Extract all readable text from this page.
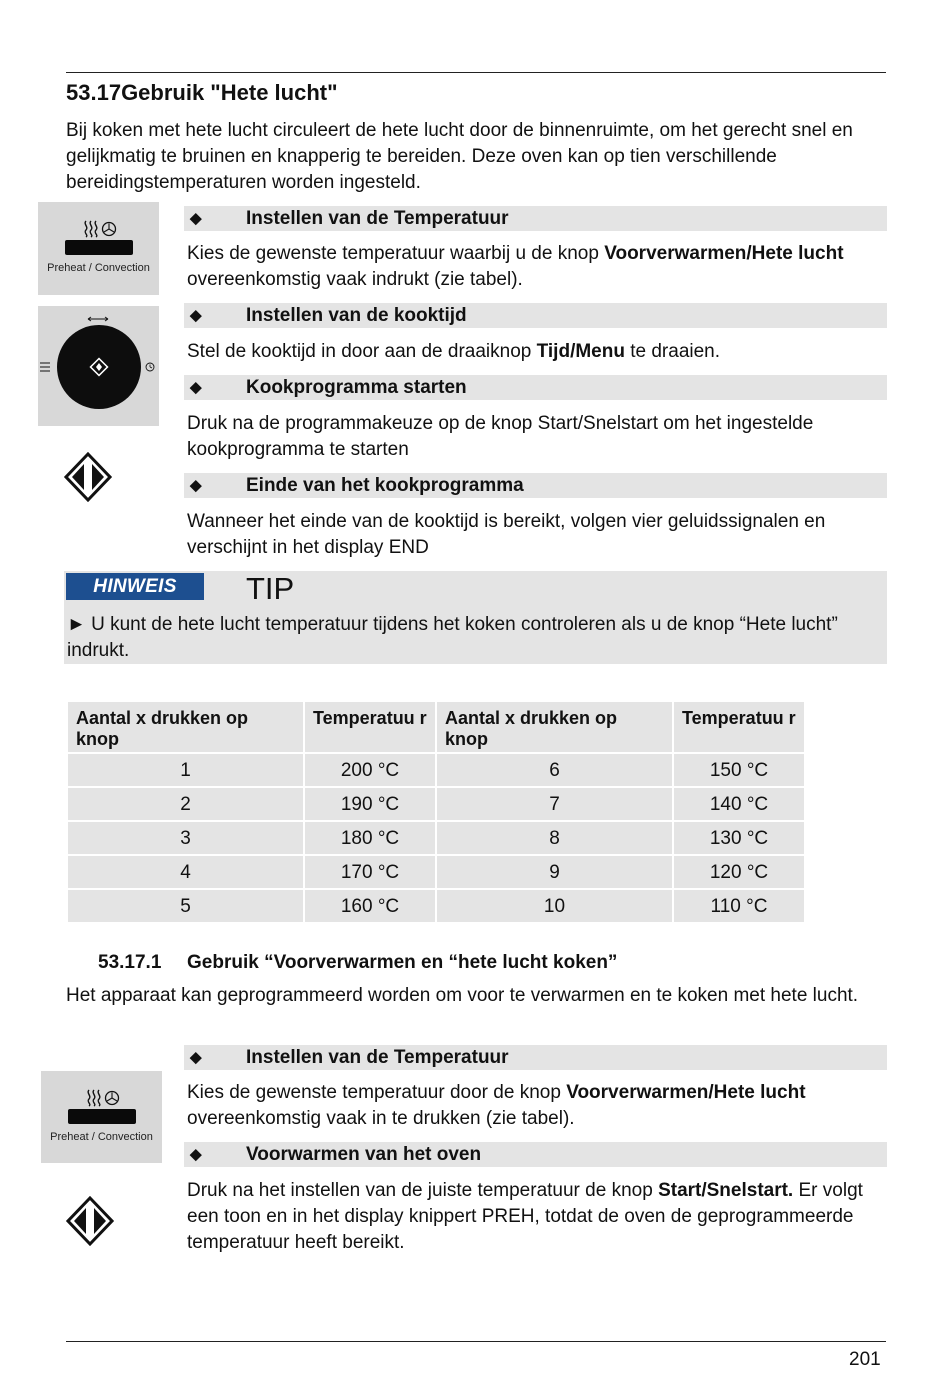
53.17Gebruik "Hete lucht"
Bij koken met hete lucht circuleert de hete lucht door de binnenruimte, om het gerecht snel en gelijkmatig te bruinen en knapperig te bereiden. Deze oven kan op tien verschillende bereidingstemperaturen worden ingesteld.
Preheat / Convection
◆ Instellen van de Temperatuur
Kies de gewenste temperatuur waarbij u de knop Voorverwarmen/Hete lucht overeenkomstig vaak indrukt (zie tabel).
◆ Instellen van de kooktijd
Stel de kooktijd in door aan de draaiknop Tijd/Menu te draaien.
◆ Kookprogramma starten
Druk na de programmakeuze op de knop Start/Snelstart om het ingestelde kookprogramma te starten
◆ Einde van het kookprogramma
Wanneer het einde van de kooktijd is bereikt, volgen vier geluidssignalen en verschijnt in het display END
HINWEIS	TIP
► U kunt de hete lucht temperatuur tijdens het koken controleren als u de knop “Hete lucht” indrukt.
Aantal x drukken op knop	Temperatuu r	Aantal x drukken op knop	Temperatuu r
1	200 °C	6	150 °C
2	190 °C	7	140 °C
3	180 °C	8	130 °C
4	170 °C	9	120 °C
5	160 °C	10	110 °C
53.17.1 Gebruik “Voorverwarmen en “hete lucht koken”
Het apparaat kan geprogrammeerd worden om voor te verwarmen en te koken met hete lucht.
Preheat / Convection
◆ Instellen van de Temperatuur
Kies de gewenste temperatuur door de knop Voorverwarmen/Hete lucht overeenkomstig vaak in te drukken (zie tabel).
◆ Voorwarmen van het oven
Druk na het instellen van de juiste temperatuur de knop Start/Snelstart. Er volgt een toon en in het display knippert PREH, totdat de oven de geprogrammeerde temperatuur heeft bereikt.
201
